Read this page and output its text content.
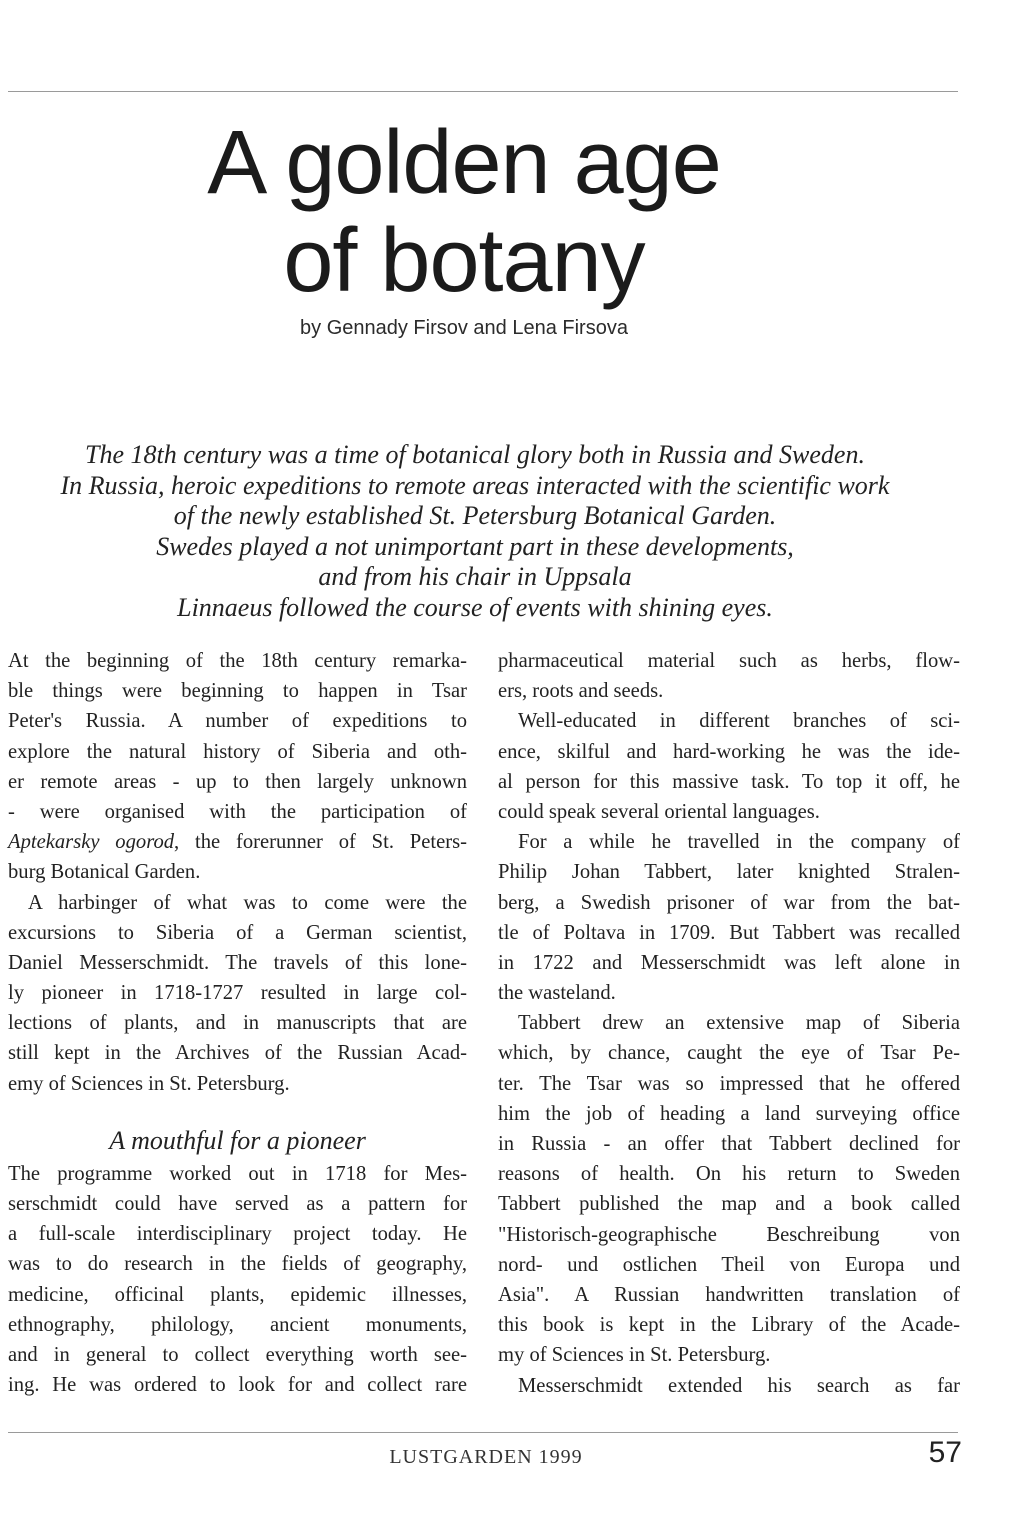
A golden age
of botany

by Gennady Firsov and Lena Firsova

The 18th century was a time of botanical glory both in Russia and Sweden.
In Russia, heroic expeditions to remote areas interacted with the scientific work
of the newly established St. Petersburg Botanical Garden.
Swedes played a not unimportant part in these developments,
and from his chair in Uppsala
Linnaeus followed the course of events with shining eyes.

At the beginning of the 18th century remarka-
ble things were beginning to happen in Tsar
Peter's Russia. A number of expeditions to
explore the natural history of Siberia and oth-
er remote areas - up to then largely unknown
- were organised with the participation of
Aptekarsky ogorod, the forerunner of St. Peters-
burg Botanical Garden.
A harbinger of what was to come were the
excursions to Siberia of a German scientist,
Daniel Messerschmidt. The travels of this lone-
ly pioneer in 1718-1727 resulted in large col-
lections of plants, and in manuscripts that are
still kept in the Archives of the Russian Acad-
emy of Sciences in St. Petersburg.
A mouthful for a pioneer
The programme worked out in 1718 for Mes-
serschmidt could have served as a pattern for
a full-scale interdisciplinary project today. He
was to do research in the fields of geography,
medicine, officinal plants, epidemic illnesses,
ethnography, philology, ancient monuments,
and in general to collect everything worth see-
ing. He was ordered to look for and collect rare
pharmaceutical material such as herbs, flow-
ers, roots and seeds.
Well-educated in different branches of sci-
ence, skilful and hard-working he was the ide-
al person for this massive task. To top it off, he
could speak several oriental languages.
For a while he travelled in the company of
Philip Johan Tabbert, later knighted Stralen-
berg, a Swedish prisoner of war from the bat-
tle of Poltava in 1709. But Tabbert was recalled
in 1722 and Messerschmidt was left alone in
the wasteland.
Tabbert drew an extensive map of Siberia
which, by chance, caught the eye of Tsar Pe-
ter. The Tsar was so impressed that he offered
him the job of heading a land surveying office
in Russia - an offer that Tabbert declined for
reasons of health. On his return to Sweden
Tabbert published the map and a book called
"Historisch-geographische Beschreibung von
nord- und ostlichen Theil von Europa und
Asia". A Russian handwritten translation of
this book is kept in the Library of the Acade-
my of Sciences in St. Petersburg.
Messerschmidt extended his search as far
LUSTGARDEN 1999	57
